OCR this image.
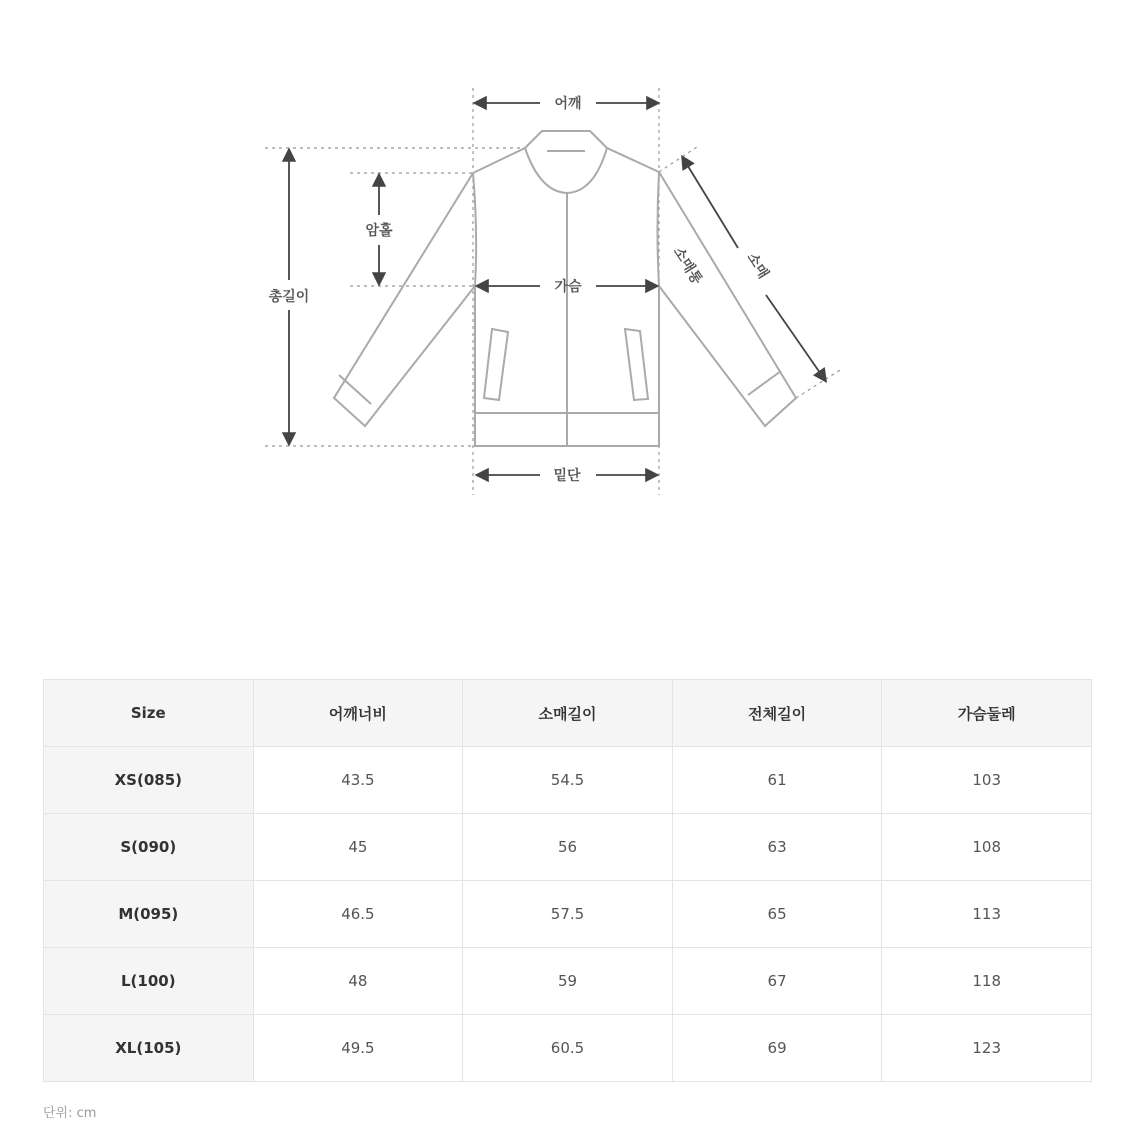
어깨
암홀
총길이
가슴
밑단
소매통	소매
Size	어깨너비	소매길이	전체길이	가슴둘레
XS(085)	43.5	54.5	61	103
S(090)	45	56	63	108
M(095)	46.5	57.5	65	113
L(100)	48	59	67	118
XL(105)	49.5	60.5	69	123
단위: cm
